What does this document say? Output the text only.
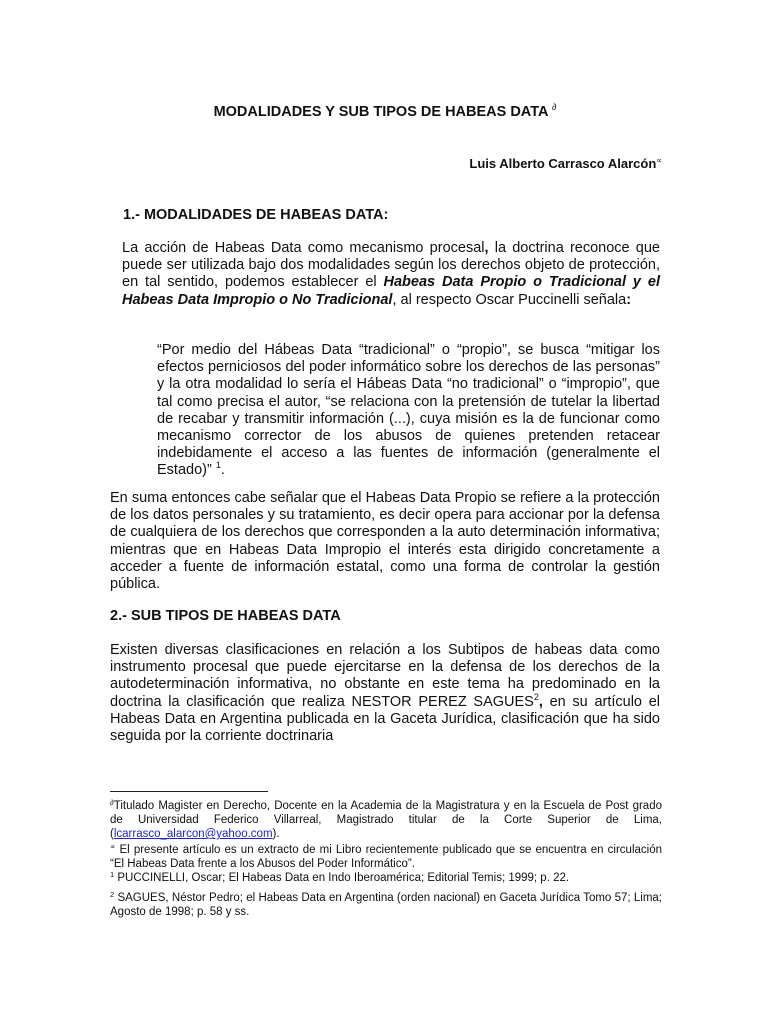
MODALIDADES Y SUB TIPOS DE HABEAS DATA ∂
Luis Alberto Carrasco Alarcón∝
1.- MODALIDADES DE HABEAS DATA:
La acción de Habeas Data como mecanismo procesal, la doctrina reconoce que puede ser utilizada bajo dos modalidades según los derechos objeto de protección, en tal sentido, podemos establecer el Habeas Data Propio o Tradicional y el Habeas Data Impropio o No Tradicional, al respecto Oscar Puccinelli señala:
“Por medio del Hábeas Data “tradicional” o “propio”, se busca “mitigar los efectos perniciosos del poder informático sobre los derechos de las personas” y la otra modalidad lo sería el Hábeas Data “no tradicional” o “impropio”, que tal como precisa el autor, “se relaciona con la pretensión de tutelar la libertad de recabar y transmitir información (...), cuya misión es la de funcionar como mecanismo corrector de los abusos de quienes pretenden retacear indebidamente el acceso a las fuentes de información (generalmente el Estado)” $^1$.
En suma entonces cabe señalar que el Habeas Data Propio se refiere a la protección de los datos personales y su tratamiento, es decir opera para accionar por la defensa de cualquiera de los derechos que corresponden a la auto determinación informativa; mientras que en Habeas Data Impropio el interés esta dirigido concretamente a acceder a fuente de información estatal, como una forma de controlar la gestión pública.
2.- SUB TIPOS DE HABEAS DATA
Existen diversas clasificaciones en relación a los Subtipos de habeas data como instrumento procesal que puede ejercitarse en la defensa de los derechos de la autodeterminación informativa, no obstante en este tema ha predominado en la doctrina la clasificación que realiza NESTOR PEREZ SAGUES$^2$, en su artículo el Habeas Data en Argentina publicada en la Gaceta Jurídica, clasificación que ha sido seguida por la corriente doctrinaria
∂Titulado Magister en Derecho, Docente en la Academia de la Magistratura y en la Escuela de Post grado de Universidad Federico Villarreal, Magistrado titular de la Corte Superior de Lima, (lcarrasco_alarcon@yahoo.com).
∝ El presente artículo es un extracto de mi Libro recientemente publicado que se encuentra en circulación “El Habeas Data frente a los Abusos del Poder Informático”.
$^1$ PUCCINELLI, Oscar; El Habeas Data en Indo Iberoamérica; Editorial Temis; 1999; p. 22.
$^2$ SAGUES, Néstor Pedro; el Habeas Data en Argentina (orden nacional) en Gaceta Jurídica Tomo 57; Lima; Agosto de 1998; p. 58 y ss.
